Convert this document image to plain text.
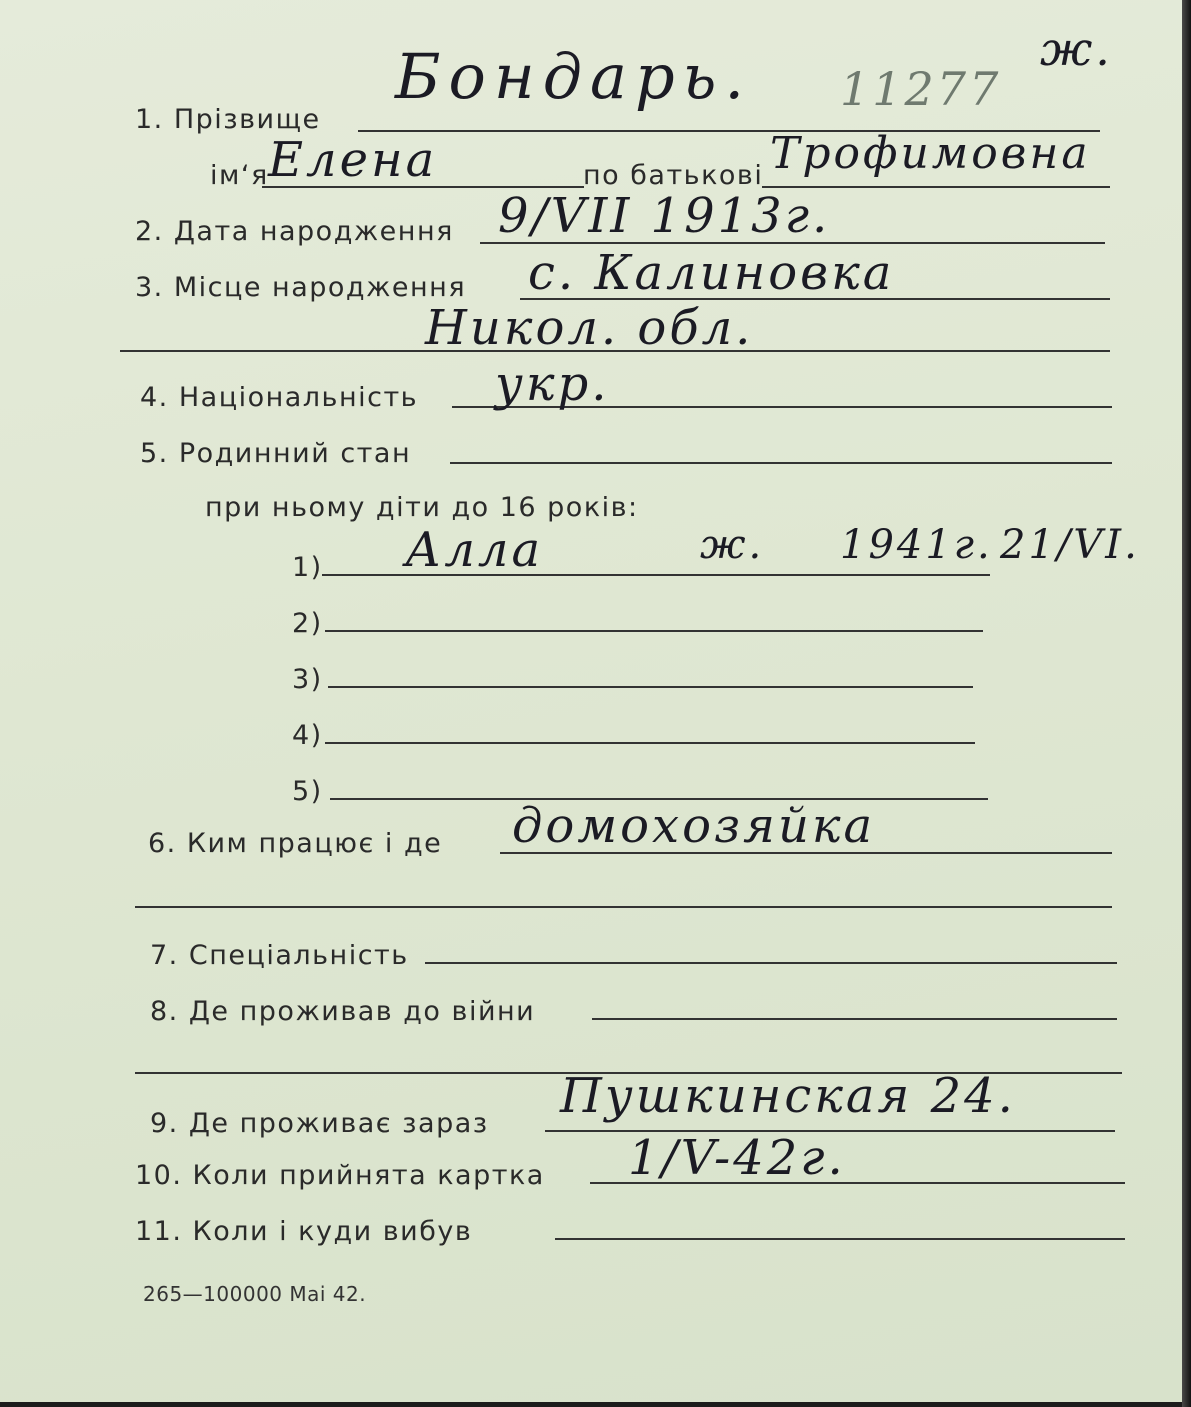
11277
ж.
1. Прізвище
Бондарь.
ім‘я Елена	по батькові Трофимовна
2. Дата народження 9/VII 1913г.
3. Місце народження с. Калиновка
Никол. обл.
4. Національність укр.
5. Родинний стан
при ньому діти до 16 років:
1) Алла	ж. 1941г. 21/VI.
2)
3)
4)
5)
6. Ким працює і де домохозяйка
7. Спеціальність
8. Де проживав до війни
9. Де проживає зараз Пушкинская 24.
10. Коли прийнята картка 1/V-42г.
11. Коли і куди вибув
265—100000 Mai 42.
